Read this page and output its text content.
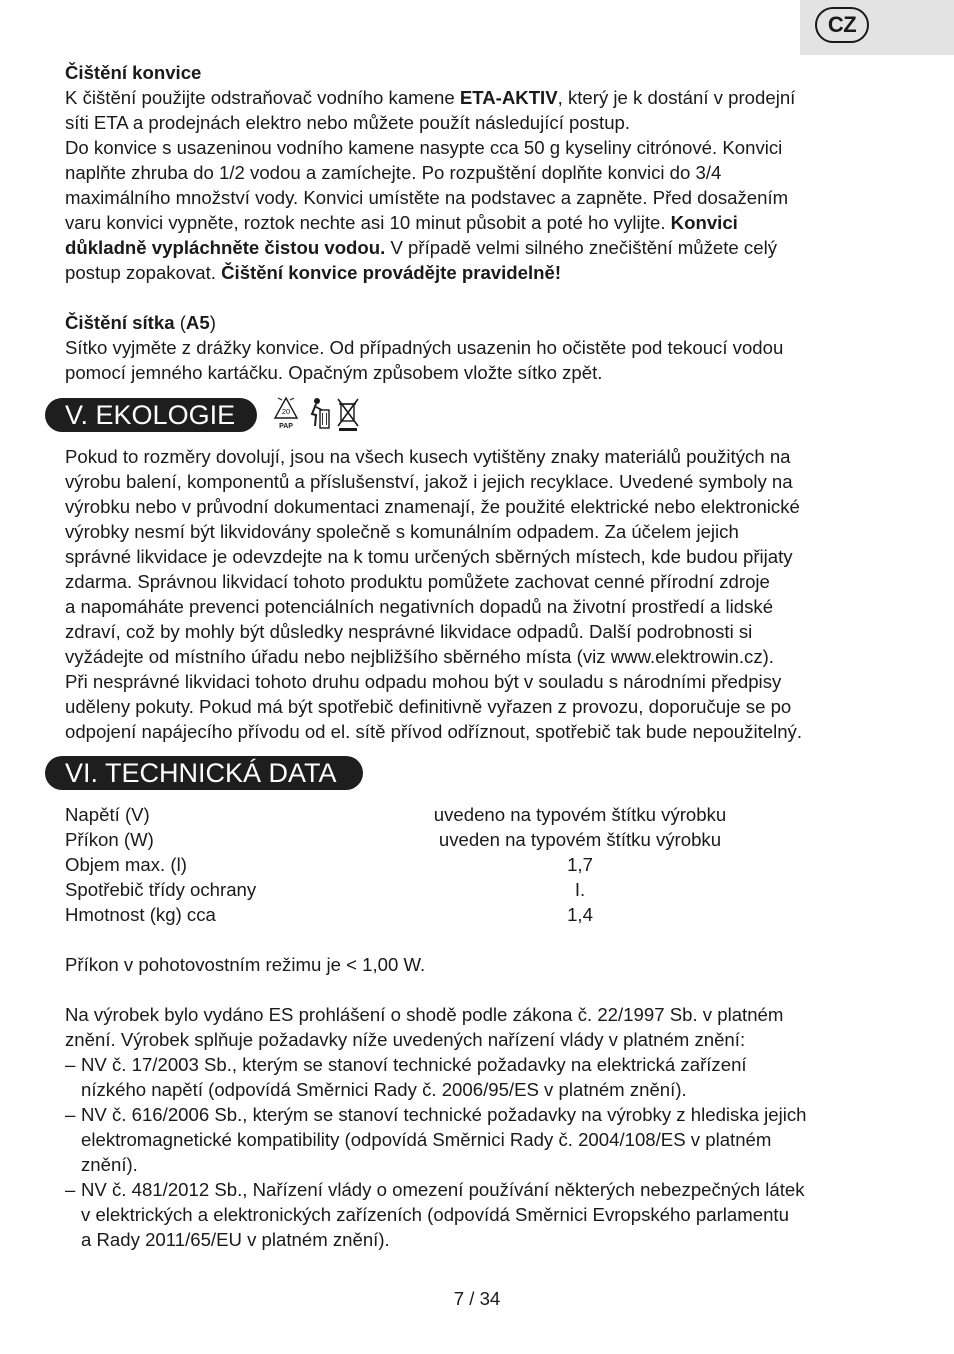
CZ
Čištění konvice
K čištění použijte odstraňovač vodního kamene ETA-AKTIV, který je k dostání v prodejní
síti ETA a prodejnách elektro nebo můžete použít následující postup.
Do konvice s usazeninou vodního kamene nasypte cca 50 g kyseliny citrónové. Konvici
naplňte zhruba do 1/2 vodou a zamíchejte. Po rozpuštění doplňte konvici do 3/4
maximálního množství vody. Konvici umístěte na podstavec a zapněte. Před dosažením
varu konvici vypněte, roztok nechte asi 10 minut působit a poté ho vylijte. Konvici
důkladně vypláchněte čistou vodou. V případě velmi silného znečištění můžete celý
postup zopakovat. Čištění konvice provádějte pravidelně!
Čištění sítka (A5)
Sítko vyjměte z drážky konvice. Od případných usazenin ho očistěte pod tekoucí vodou
pomocí jemného kartáčku. Opačným způsobem vložte sítko zpět.
V. EKOLOGIE	20
PAP
Pokud to rozměry dovolují, jsou na všech kusech vytištěny znaky materiálů použitých na
výrobu balení, komponentů a příslušenství, jakož i jejich recyklace. Uvedené symboly na
výrobku nebo v průvodní dokumentaci znamenají, že použité elektrické nebo elektronické
výrobky nesmí být likvidovány společně s komunálním odpadem. Za účelem jejich
správné likvidace je odevzdejte na k tomu určených sběrných místech, kde budou přijaty
zdarma. Správnou likvidací tohoto produktu pomůžete zachovat cenné přírodní zdroje
a napomáháte prevenci potenciálních negativních dopadů na životní prostředí a lidské
zdraví, což by mohly být důsledky nesprávné likvidace odpadů. Další podrobnosti si
vyžádejte od místního úřadu nebo nejbližšího sběrného místa (viz www.elektrowin.cz).
Při nesprávné likvidaci tohoto druhu odpadu mohou být v souladu s národními předpisy
uděleny pokuty. Pokud má být spotřebič definitivně vyřazen z provozu, doporučuje se po
odpojení napájecího přívodu od el. sítě přívod odříznout, spotřebič tak bude nepoužitelný.
VI. TECHNICKÁ DATA
Napětí (V)	uvedeno na typovém štítku výrobku
Příkon (W)	uveden na typovém štítku výrobku
Objem max. (l)	1,7
Spotřebič třídy ochrany	I.
Hmotnost (kg) cca	1,4
Příkon v pohotovostním režimu je < 1,00 W.
Na výrobek bylo vydáno ES prohlášení o shodě podle zákona č. 22/1997 Sb. v platném
znění. Výrobek splňuje požadavky níže uvedených nařízení vlády v platném znění:
– NV č. 17/2003 Sb., kterým se stanoví technické požadavky na elektrická zařízení
nízkého napětí (odpovídá Směrnici Rady č. 2006/95/ES v platném znění).
– NV č. 616/2006 Sb., kterým se stanoví technické požadavky na výrobky z hlediska jejich
elektromagnetické kompatibility (odpovídá Směrnici Rady č. 2004/108/ES v platném
znění).
– NV č. 481/2012 Sb., Nařízení vlády o omezení používání některých nebezpečných látek
v elektrických a elektronických zařízeních (odpovídá Směrnici Evropského parlamentu
a Rady 2011/65/EU v platném znění).
7 / 34
